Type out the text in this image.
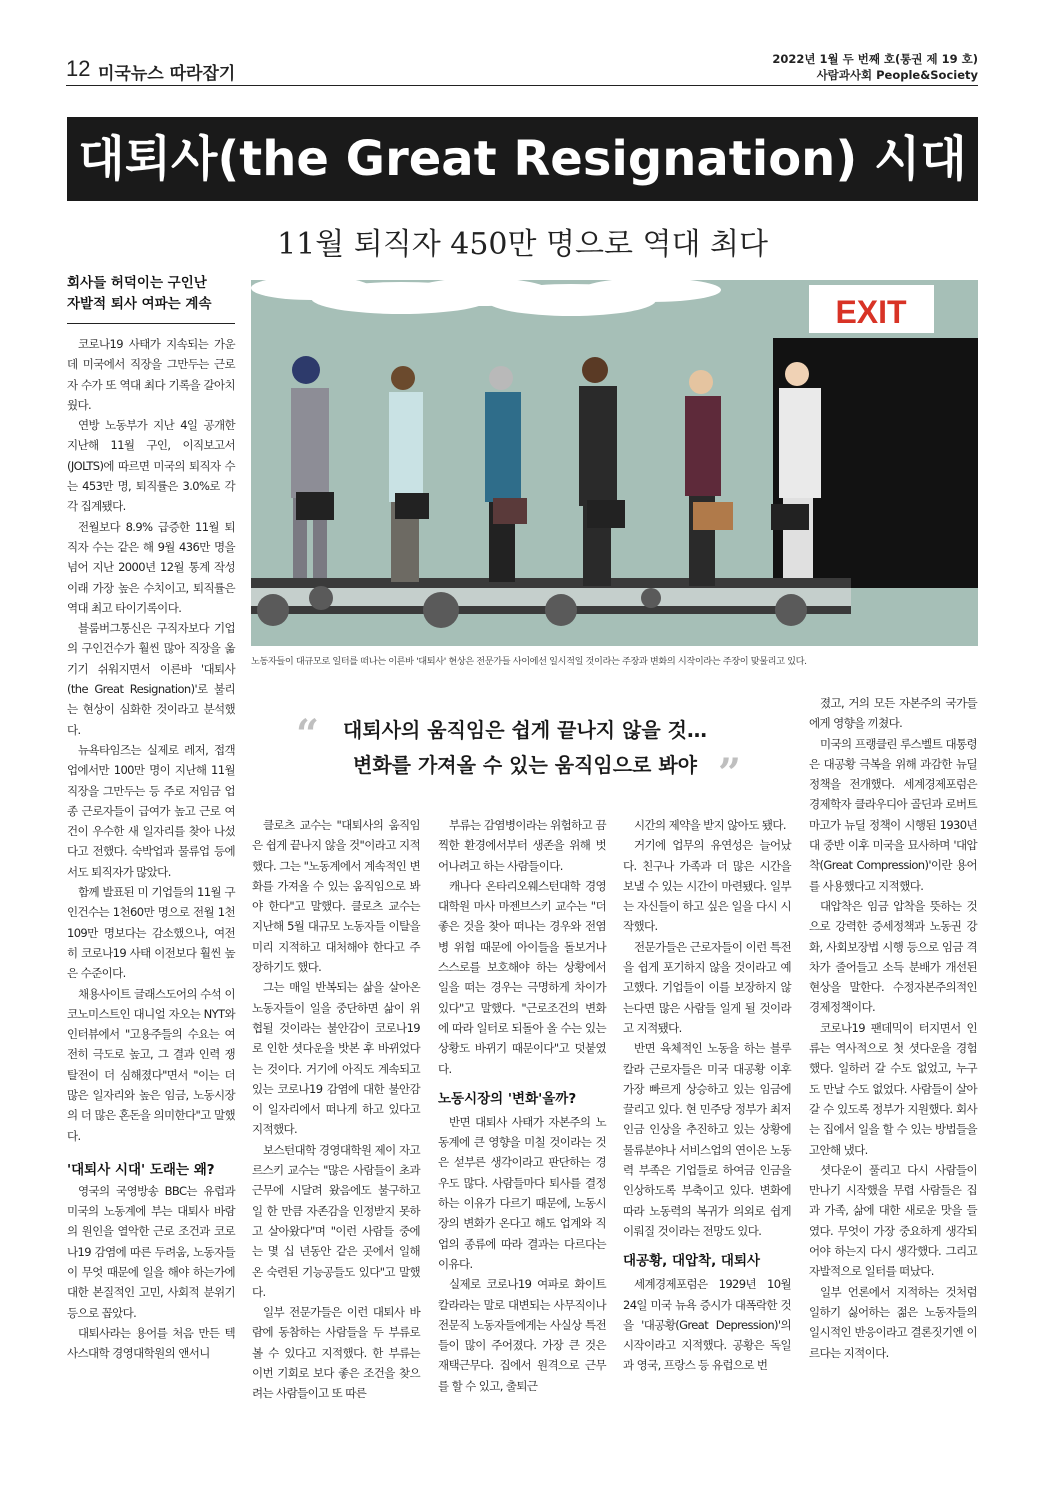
12 미국뉴스 따라잡기
2022년 1월 두 번째 호(통권 제 19 호)
사람과사회 People&Society
대퇴사(the Great Resignation) 시대
11월 퇴직자 450만 명으로 역대 최다
EXIT
노동자들이 대규모로 일터를 떠나는 이른바 '대퇴사' 현상은 전문가들 사이에선 일시적일 것이라는 주장과 변화의 시작이라는 주장이 맞물리고 있다.
“	대퇴사의 움직임은 쉽게 끝나지 않을 것…
변화를 가져올 수 있는 움직임으로 봐야 ”
회사들 허덕이는 구인난
자발적 퇴사 여파는 계속

코로나19 사태가 지속되는 가운데 미국에서 직장을 그만두는 근로자 수가 또 역대 최다 기록을 갈아치웠다.

연방 노동부가 지난 4일 공개한 지난해 11월 구인, 이직보고서(JOLTS)에 따르면 미국의 퇴직자 수는 453만 명, 퇴직률은 3.0%로 각각 집계됐다.

전월보다 8.9% 급증한 11월 퇴직자 수는 같은 해 9월 436만 명을 넘어 지난 2000년 12월 통계 작성 이래 가장 높은 수치이고, 퇴직률은 역대 최고 타이기록이다.

블룸버그통신은 구직자보다 기업의 구인건수가 훨씬 많아 직장을 옮기기 쉬워지면서 이른바 '대퇴사(the Great Resignation)'로 불리는 현상이 심화한 것이라고 분석했다.

뉴욕타임즈는 실제로 레저, 접객업에서만 100만 명이 지난해 11월 직장을 그만두는 등 주로 저임금 업종 근로자들이 급여가 높고 근로 여건이 우수한 새 일자리를 찾아 나섰다고 전했다. 숙박업과 물류업 등에서도 퇴직자가 많았다.

함께 발표된 미 기업들의 11월 구인건수는 1천60만 명으로 전월 1천109만 명보다는 감소했으나, 여전히 코로나19 사태 이전보다 훨씬 높은 수준이다.

채용사이트 글래스도어의 수석 이코노미스트인 대니얼 자오는 NYT와 인터뷰에서 "고용주들의 수요는 여전히 극도로 높고, 그 결과 인력 쟁탈전이 더 심해졌다"면서 "이는 더 많은 일자리와 높은 임금, 노동시장의 더 많은 혼돈을 의미한다"고 말했다.

'대퇴사 시대' 도래는 왜?

영국의 국영방송 BBC는 유럽과 미국의 노동계에 부는 대퇴사 바람의 원인을 열악한 근로 조건과 코로나19 감염에 따른 두려움, 노동자들이 무엇 때문에 일을 해야 하는가에 대한 본질적인 고민, 사회적 분위기 등으로 꼽았다.

대퇴사라는 용어를 처음 만든 텍사스대학 경영대학원의 앤서니

클로츠 교수는 "대퇴사의 움직임은 쉽게 끝나지 않을 것"이라고 지적했다. 그는 "노동계에서 계속적인 변화를 가져올 수 있는 움직임으로 봐야 한다"고 말했다. 클로츠 교수는 지난해 5월 대규모 노동자들 이탈을 미리 지적하고 대처해야 한다고 주장하기도 했다.

그는 매일 반복되는 삶을 살아온 노동자들이 일을 중단하면 삶이 위협될 것이라는 불안감이 코로나19로 인한 셧다운을 밧본 후 바뀌었다는 것이다. 거기에 아직도 계속되고 있는 코로나19 감염에 대한 불안감이 일자리에서 떠나게 하고 있다고 지적했다.

보스턴대학 경영대학원 제이 자고르스키 교수는 "많은 사람들이 초과근무에 시달려 왔음에도 불구하고 일 한 만큼 자존감을 인정받지 못하고 살아왔다"며 "이런 사람들 중에는 몇 십 년동안 같은 곳에서 일해 온 숙련된 기능공들도 있다"고 말했다.

일부 전문가들은 이런 대퇴사 바람에 동참하는 사람들을 두 부류로 볼 수 있다고 지적했다. 한 부류는 이번 기회로 보다 좋은 조건을 찾으려는 사람들이고 또 따른

부류는 감염병이라는 위험하고 끔찍한 환경에서부터 생존을 위해 벗어나려고 하는 사람들이다.

캐나다 온타리오웨스턴대학 경영대학원 마사 마젠브스키 교수는 "더 좋은 것을 찾아 떠나는 경우와 전염병 위험 때문에 아이들을 돌보거나 스스로를 보호해야 하는 상황에서 일을 떠는 경우는 극명하게 차이가 있다"고 말했다. "근로조건의 변화에 따라 일터로 되돌아 올 수는 있는 상황도 바뀌기 때문이다"고 덧붙였다.

노동시장의 '변화'올까?

반면 대퇴사 사태가 자본주의 노동계에 큰 영향을 미칠 것이라는 것은 섣부른 생각이라고 판단하는 경우도 많다. 사람들마다 퇴사를 결정하는 이유가 다르기 때문에, 노동시장의 변화가 온다고 해도 업계와 직업의 종류에 따라 결과는 다르다는 이유다.

실제로 코로나19 여파로 화이트칼라라는 말로 대변되는 사무직이나 전문직 노동자들에게는 사실상 특전들이 많이 주어졌다. 가장 큰 것은 재택근무다. 집에서 원격으로 근무를 할 수 있고, 출퇴근

시간의 제약을 받지 않아도 됐다.

거기에 업무의 유연성은 늘어났다. 친구나 가족과 더 많은 시간을 보낼 수 있는 시간이 마련됐다. 일부는 자신들이 하고 싶은 일을 다시 시작했다.

전문가들은 근로자들이 이런 특전을 쉽게 포기하지 않을 것이라고 예고했다. 기업들이 이를 보장하지 않는다면 많은 사람들 일게 될 것이라고 지적됐다.

반면 육체적인 노동을 하는 블루칼라 근로자들은 미국 대공황 이후 가장 빠르게 상승하고 있는 임금에 끌리고 있다. 현 민주당 정부가 최저인금 인상을 추진하고 있는 상황에 물류분야나 서비스업의 연이은 노동력 부족은 기업들로 하여금 인금을 인상하도록 부축이고 있다. 변화에 따라 노동력의 복귀가 의외로 쉽게 이뤄질 것이라는 전망도 있다.

대공황, 대압착, 대퇴사

세계경제포럼은 1929년 10월 24일 미국 뉴욕 증시가 대폭락한 것을 '대공황(Great Depression)'의 시작이라고 지적했다. 공황은 독일과 영국, 프랑스 등 유럽으로 번

졌고, 거의 모든 자본주의 국가들에게 영향을 끼쳤다.

미국의 프랭클린 루스벨트 대통령은 대공황 극복을 위해 과감한 뉴딜 정책을 전개했다. 세계경제포럼은 경제학자 클라우디아 골딘과 로버트 마고가 뉴딜 정책이 시행된 1930년대 중반 이후 미국을 묘사하며 '대압착(Great Compression)'이란 용어를 사용했다고 지적했다.

대압착은 임금 압착을 뜻하는 것으로 강력한 증세정책과 노동권 강화, 사회보장법 시행 등으로 임금 격차가 줄어들고 소득 분배가 개선된 현상을 말한다. 수정자본주의적인 경제정책이다.

코로나19 팬데믹이 터지면서 인류는 역사적으로 첫 셧다운을 경험했다. 일하러 갈 수도 없었고, 누구도 만날 수도 없었다. 사람들이 살아갈 수 있도록 정부가 지원했다. 회사는 집에서 일을 할 수 있는 방법들을 고안해 냈다.

셧다운이 풀리고 다시 사람들이 만나기 시작했을 무렵 사람들은 집과 가족, 삶에 대한 새로운 맛을 들였다. 무엇이 가장 중요하게 생각되어야 하는지 다시 생각했다. 그리고 자발적으로 일터를 떠났다.

일부 언론에서 지적하는 것처럼 일하기 싫어하는 젊은 노동자들의 일시적인 반응이라고 결론짓기엔 이르다는 지적이다.
